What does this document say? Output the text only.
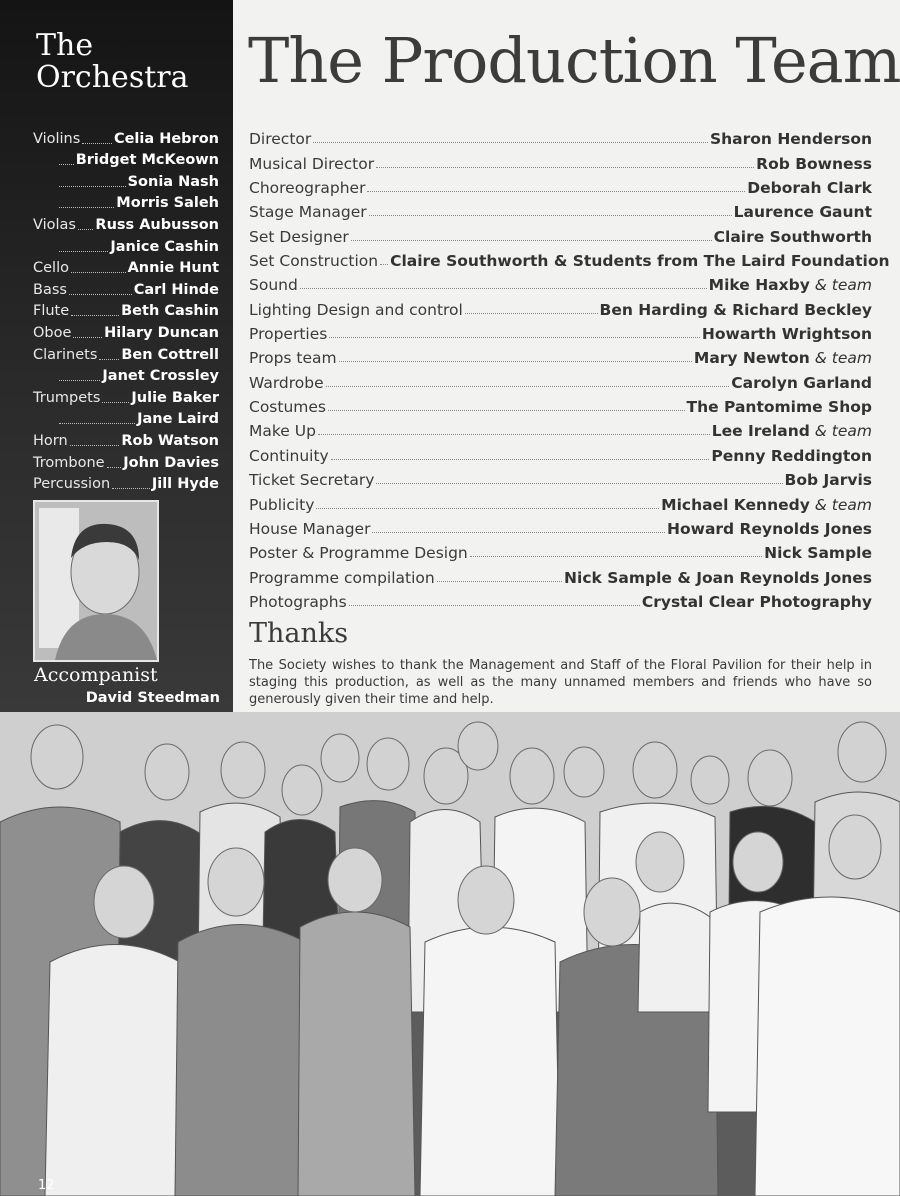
The
Orchestra
Violins Celia Hebron
Bridget McKeown
Sonia Nash
Morris Saleh
Violas Russ Aubusson
Janice Cashin
Cello	Annie Hunt
Bass	Carl Hinde
Flute	Beth Cashin
Oboe Hilary Duncan
Clarinets Ben Cottrell
Janet Crossley
Trumpets Julie Baker
Jane Laird
Horn	Rob Watson
Trombone John Davies
Percussion	Jill Hyde
Accompanist
David Steedman
The Production Team
Director	Sharon Henderson
Musical Director	Rob Bowness
Choreographer	Deborah Clark
Stage Manager	Laurence Gaunt
Set Designer	Claire Southworth
Set Construction Claire Southworth & Students from The Laird Foundation
Sound	Mike Haxby & team
Lighting Design and control	Ben Harding & Richard Beckley
Properties	Howarth Wrightson
Props team	Mary Newton & team
Wardrobe	Carolyn Garland
Costumes	The Pantomime Shop
Make Up	Lee Ireland & team
Continuity	Penny Reddington
Ticket Secretary	Bob Jarvis
Publicity	Michael Kennedy & team
House Manager	Howard Reynolds Jones
Poster & Programme Design	Nick Sample
Programme compilation	Nick Sample & Joan Reynolds Jones
Photographs	Crystal Clear Photography
Thanks
The Society wishes to thank the Management and Staff of the Floral Pavilion for their help in staging this production, as well as the many unnamed members and friends who have so generously given their time and help.
12
